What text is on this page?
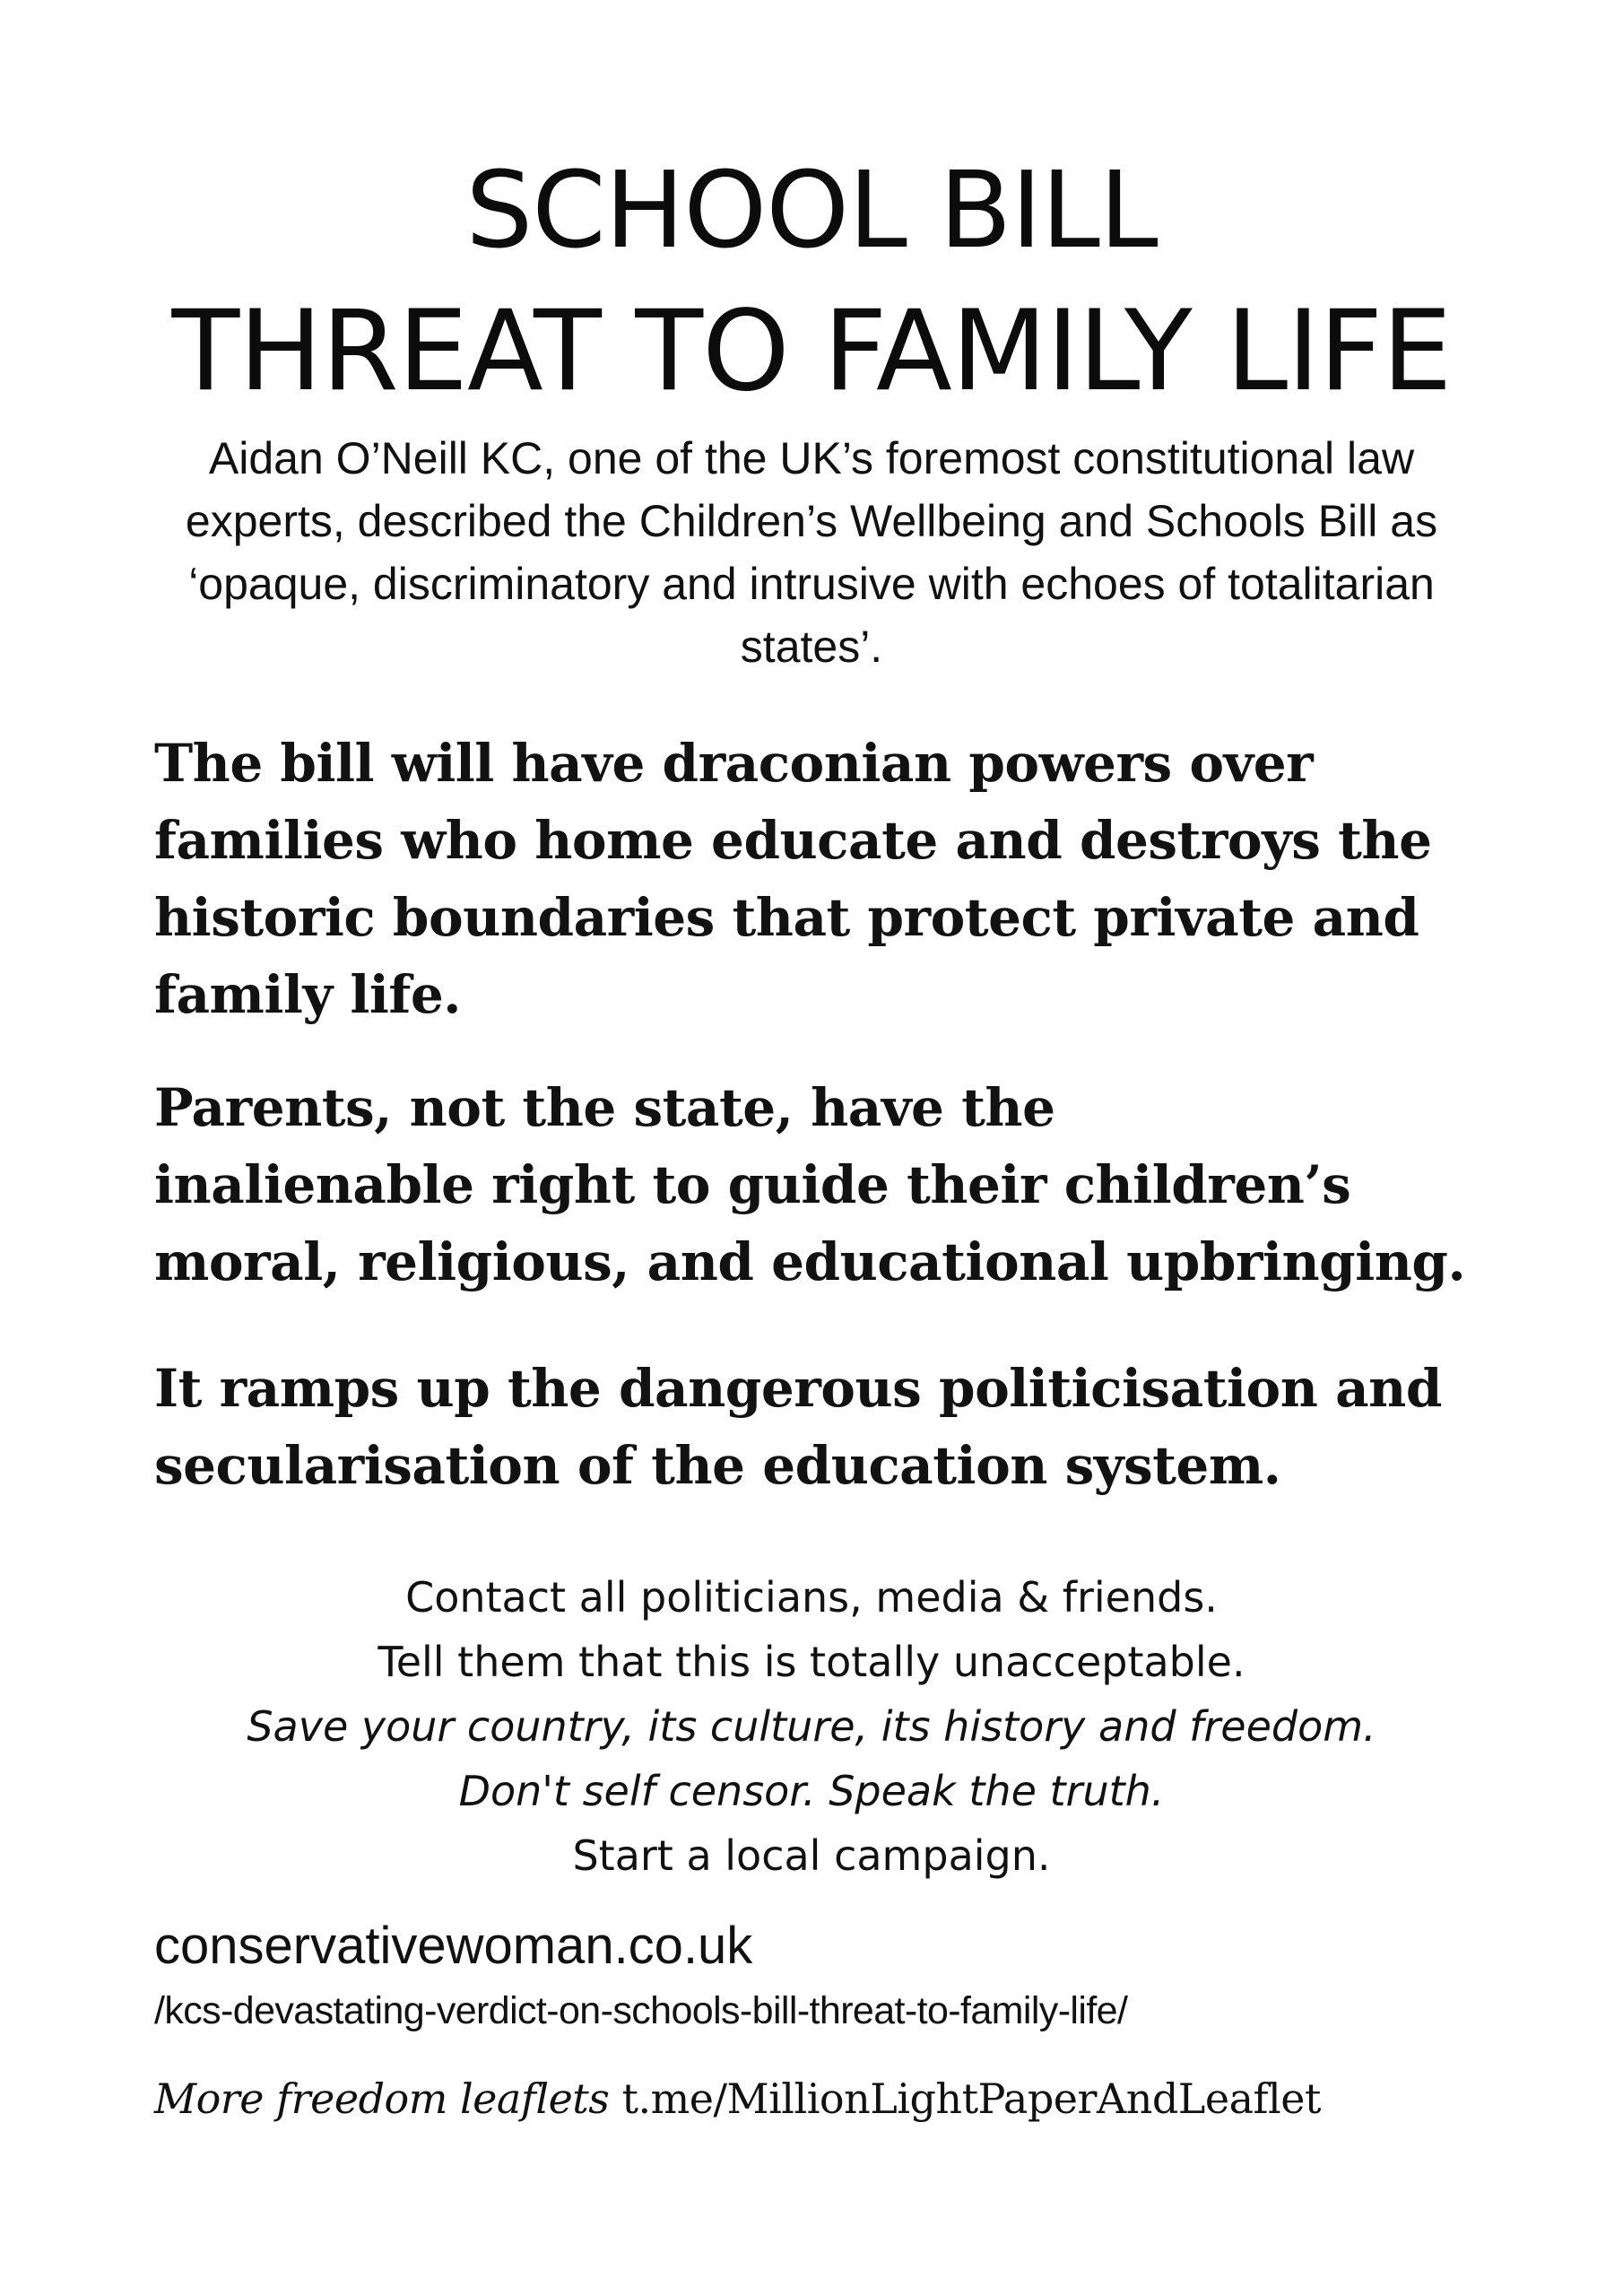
SCHOOL BILL
THREAT TO FAMILY LIFE
Aidan O’Neill KC, one of the UK’s foremost constitutional law experts, described the Children’s Wellbeing and Schools Bill as ‘opaque, discriminatory and intrusive with echoes of totalitarian states’.
The bill will have draconian powers over
families who home educate and destroys the
historic boundaries that protect private and
family life.
Parents, not the state, have the
inalienable right to guide their children’s
moral, religious, and educational upbringing.
It ramps up the dangerous politicisation and
secularisation of the education system.
Contact all politicians, media & friends.
Tell them that this is totally unacceptable.
Save your country, its culture, its history and freedom.
Don't self censor. Speak the truth.
Start a local campaign.
conservativewoman.co.uk
/kcs-devastating-verdict-on-schools-bill-threat-to-family-life/
More freedom leaflets t.me/MillionLightPaperAndLeaflet
